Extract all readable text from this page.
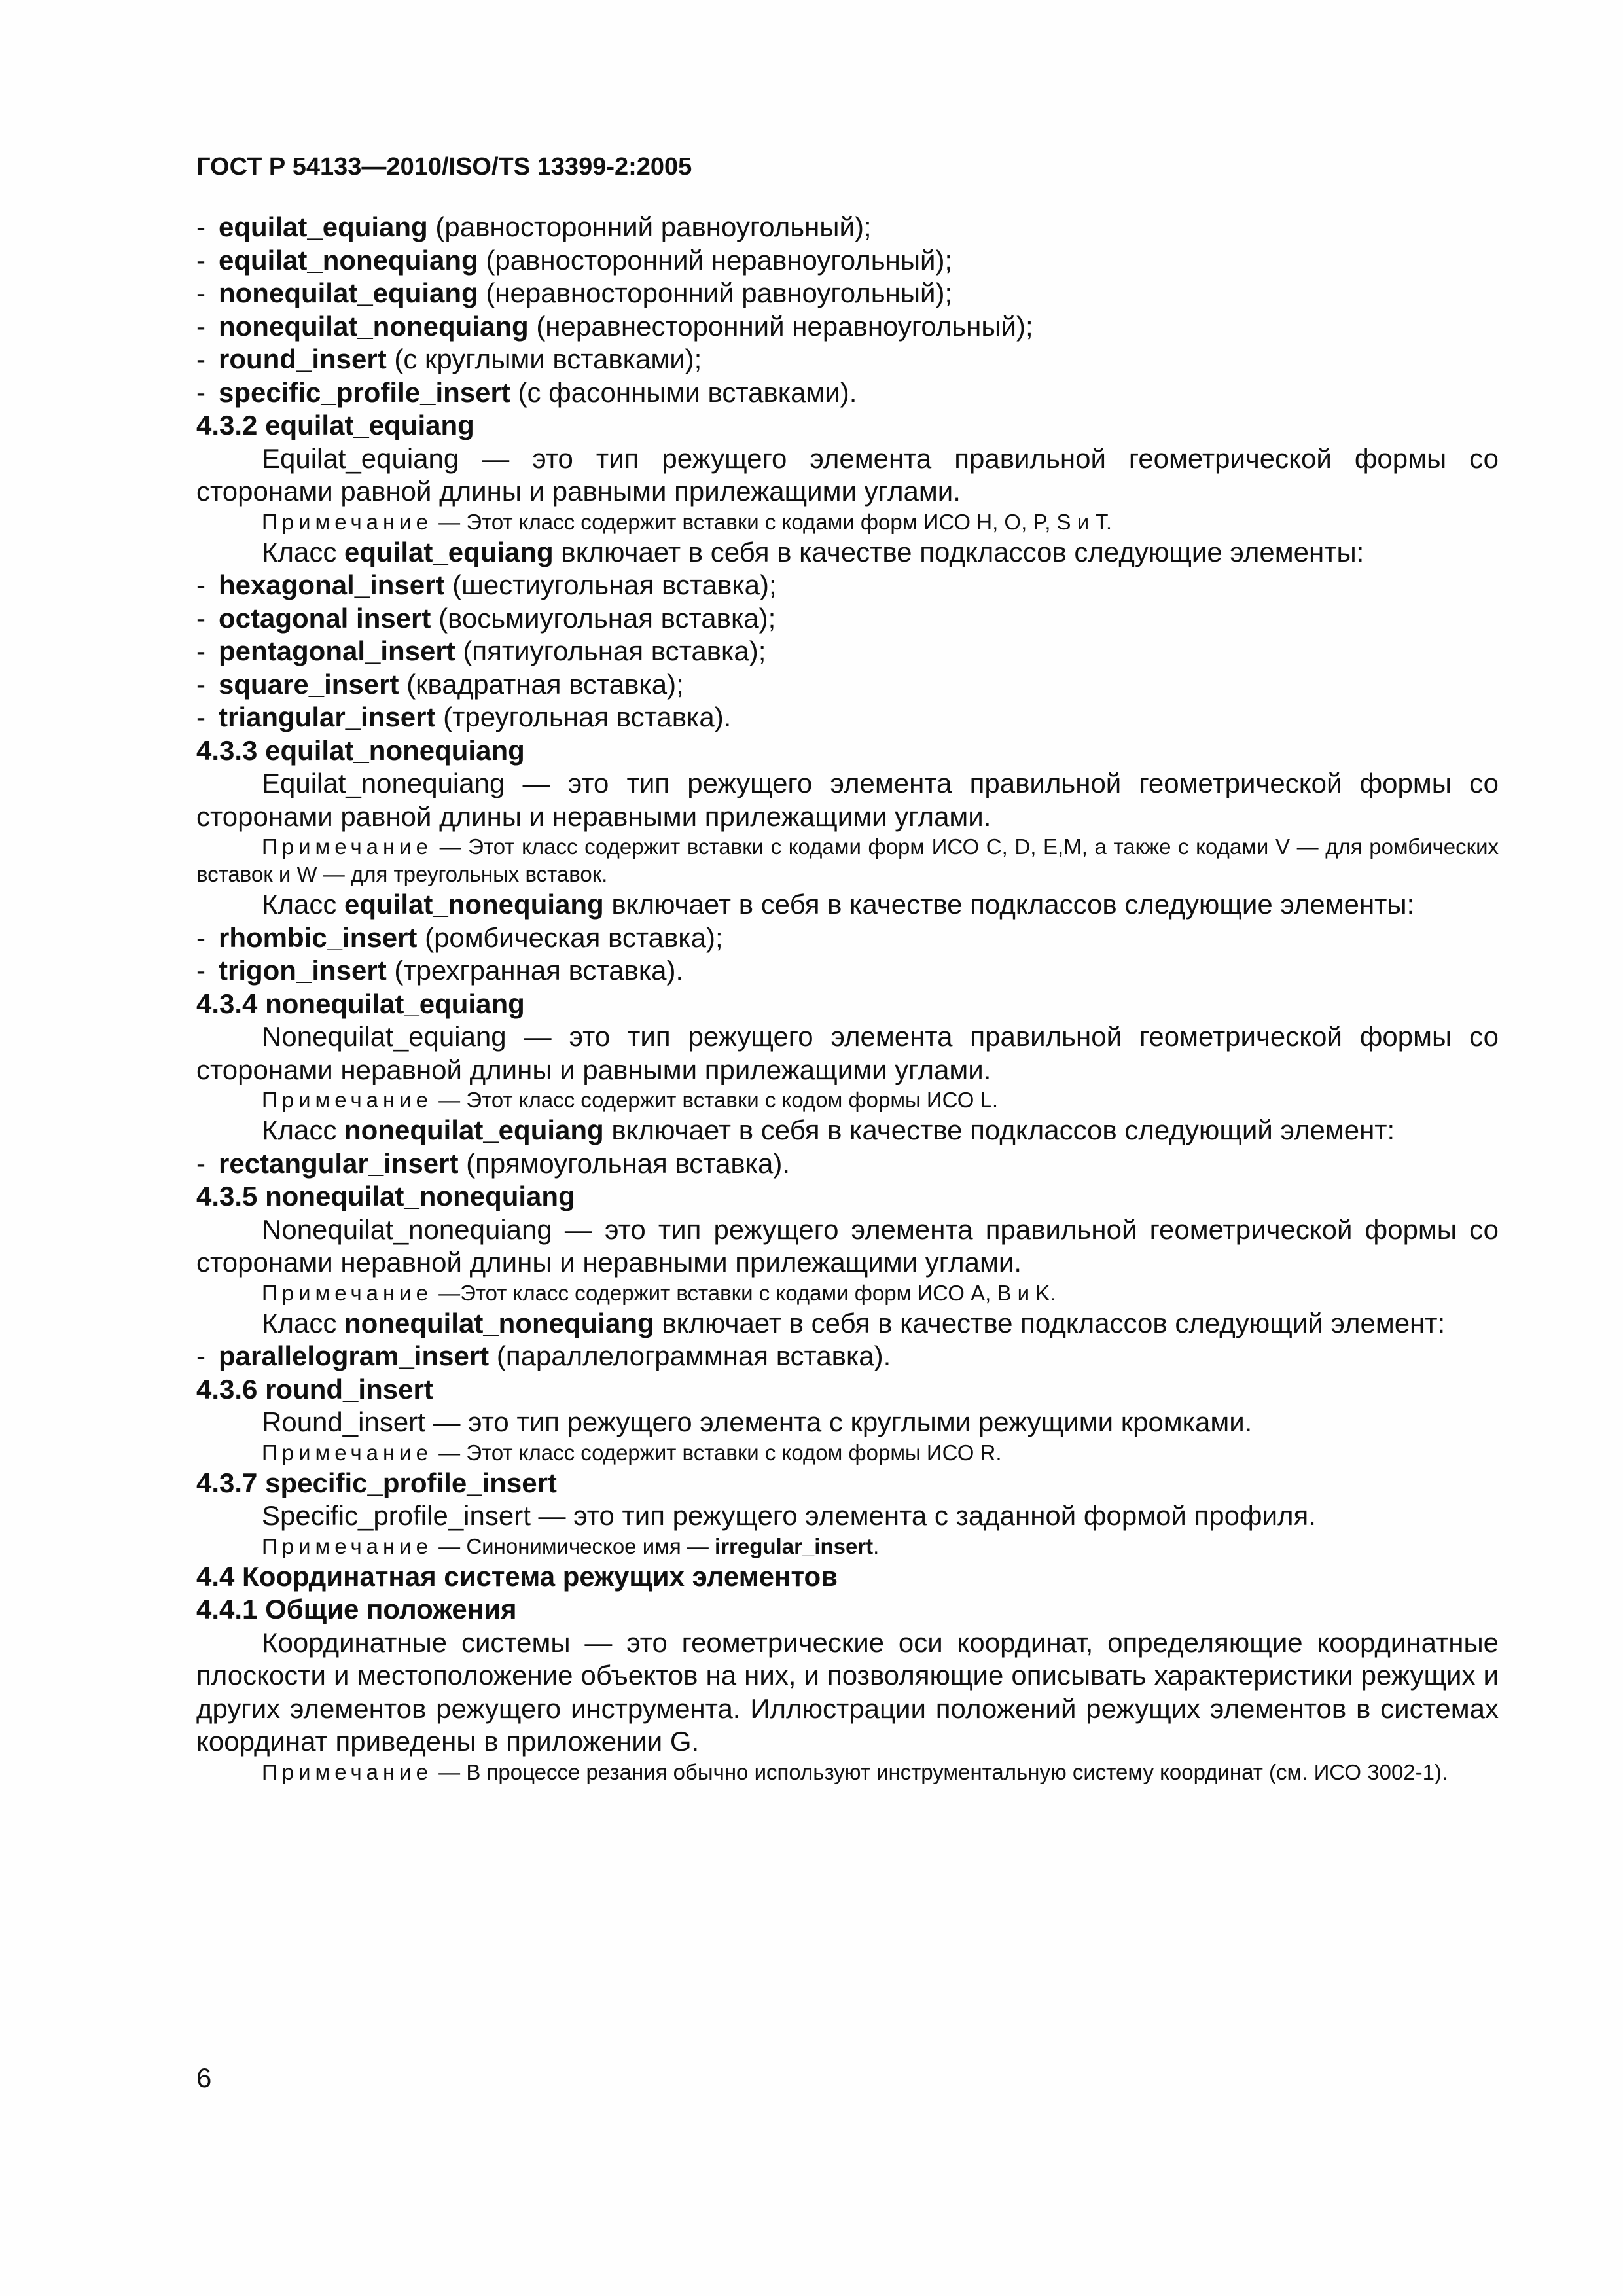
ГОСТ Р 54133—2010/ISO/TS 13399-2:2005

- equilat_equiang (равносторонний равноугольный);

- equilat_nonequiang (равносторонний неравноугольный);

- nonequilat_equiang (неравносторонний равноугольный);

- nonequilat_nonequiang (неравнесторонний неравноугольный);

- round_insert (с круглыми вставками);

- specific_profile_insert (с фасонными вставками).

4.3.2 equilat_equiang

Equilat_equiang — это тип режущего элемента правильной геометрической формы со сторонами равной длины и равными прилежащими углами.

Примечание — Этот класс содержит вставки с кодами форм ИСО H, O, P, S и T.

Класс equilat_equiang включает в себя в качестве подклассов следующие элементы:

- hexagonal_insert (шестиугольная вставка);

- octagonal insert (восьмиугольная вставка);

- pentagonal_insert (пятиугольная вставка);

- square_insert (квадратная вставка);

- triangular_insert (треугольная вставка).

4.3.3 equilat_nonequiang

Equilat_nonequiang — это тип режущего элемента правильной геометрической формы со сторонами равной длины и неравными прилежащими углами.

Примечание — Этот класс содержит вставки с кодами форм ИСО C, D, E,M, а также с кодами V — для ромбических вставок и W — для треугольных вставок.

Класс equilat_nonequiang включает в себя в качестве подклассов следующие элементы:

- rhombic_insert (ромбическая вставка);

- trigon_insert (трехгранная вставка).

4.3.4 nonequilat_equiang

Nonequilat_equiang — это тип режущего элемента правильной геометрической формы со сторонами неравной длины и равными прилежащими углами.

Примечание — Этот класс содержит вставки с кодом формы ИСО L.

Класс nonequilat_equiang включает в себя в качестве подклассов следующий элемент:

- rectangular_insert (прямоугольная вставка).

4.3.5 nonequilat_nonequiang

Nonequilat_nonequiang — это тип режущего элемента правильной геометрической формы со сторонами неравной длины и неравными прилежащими углами.

Примечание —Этот класс содержит вставки с кодами форм ИСО A, B и K.

Класс nonequilat_nonequiang включает в себя в качестве подклассов следующий элемент:

- parallelogram_insert (параллелограммная вставка).

4.3.6 round_insert

Round_insert — это тип режущего элемента с круглыми режущими кромками.

Примечание — Этот класс содержит вставки с кодом формы ИСО R.

4.3.7 specific_profile_insert

Specific_profile_insert — это тип режущего элемента с заданной формой профиля.

Примечание — Синонимическое имя — irregular_insert.

4.4 Координатная система режущих элементов

4.4.1 Общие положения

Координатные системы — это геометрические оси координат, определяющие координатные плоскости и местоположение объектов на них, и позволяющие описывать характеристики режущих и других элементов режущего инструмента. Иллюстрации положений режущих элементов в системах координат приведены в приложении G.

Примечание — В процессе резания обычно используют инструментальную систему координат (см. ИСО 3002-1).

6
